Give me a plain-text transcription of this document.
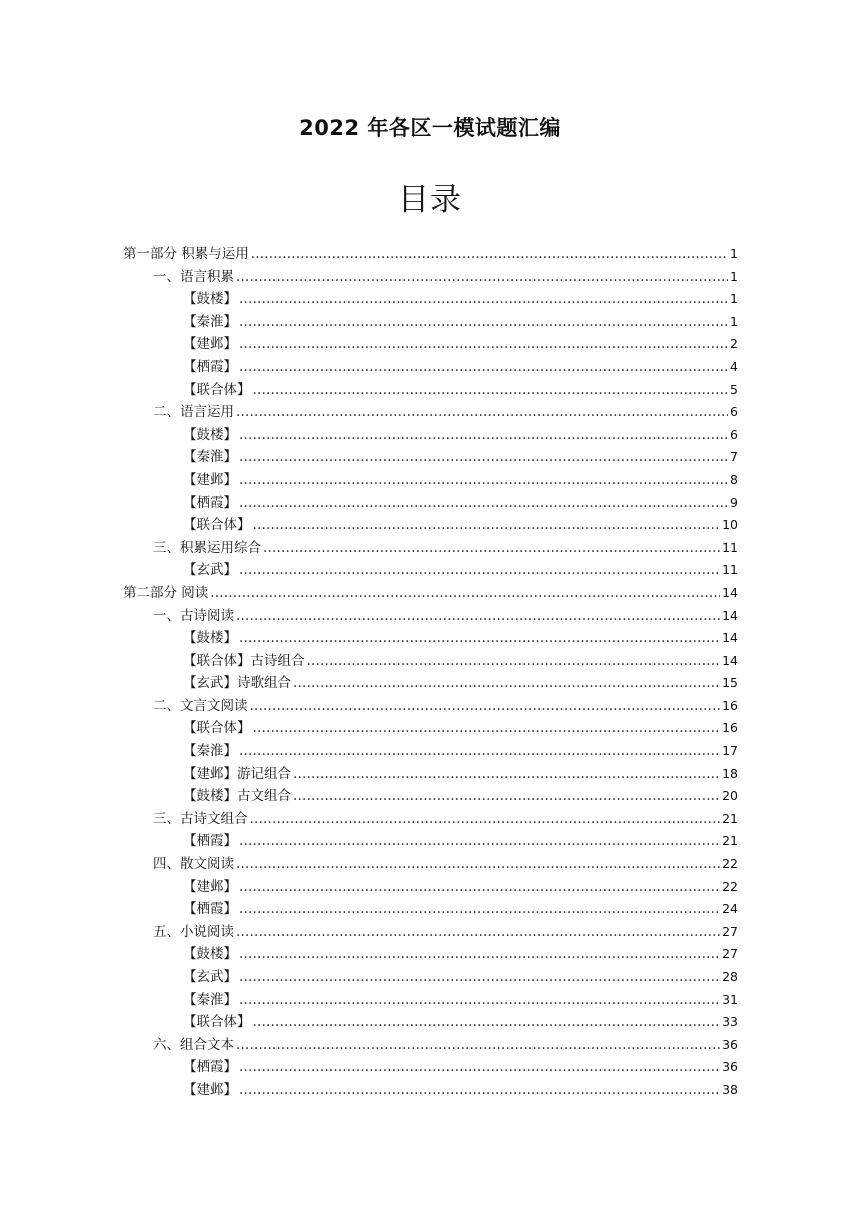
2022 年各区一模试题汇编
目录
第一部分 积累与运用 .....	1
一、语言积累 .....	1
【鼓楼】 .....	1
【秦淮】 .....	1
【建邺】 .....	2
【栖霞】 .....	4
【联合体】 .....	5
二、语言运用 .....	6
【鼓楼】 .....	6
【秦淮】 .....	7
【建邺】 .....	8
【栖霞】 .....	9
【联合体】 .....	10
三、积累运用综合 .....	11
【玄武】 .....	11
第二部分 阅读 .....	14
一、古诗阅读 .....	14
【鼓楼】 .....	14
【联合体】古诗组合 .....	14
【玄武】诗歌组合 .....	15
二、文言文阅读 .....	16
【联合体】 .....	16
【秦淮】 .....	17
【建邺】游记组合 .....	18
【鼓楼】古文组合 .....	20
三、古诗文组合 .....	21
【栖霞】 .....	21
四、散文阅读 .....	22
【建邺】 .....	22
【栖霞】 .....	24
五、小说阅读 .....	27
【鼓楼】 .....	27
【玄武】 .....	28
【秦淮】 .....	31
【联合体】 .....	33
六、组合文本 .....	36
【栖霞】 .....	36
【建邺】 .....	38
